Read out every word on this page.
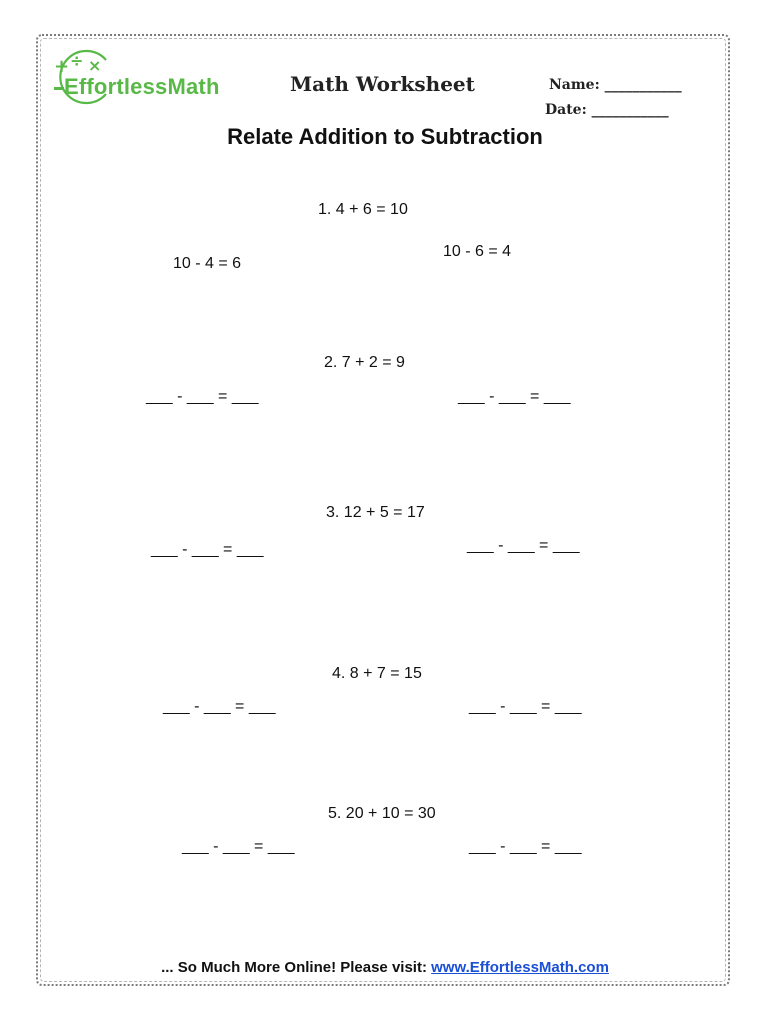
+ ÷ ×
EffortlessMath	Math Worksheet	Name: ___________
Date: ___________
Relate Addition to Subtraction
1. 4 + 6 = 10
10 - 4 = 6
10 - 6 = 4
2. 7 + 2 = 9
___ - ___ = ___	___ - ___ = ___
3. 12 + 5 = 17
___ - ___ = ___	___ - ___ = ___
4. 8 + 7 = 15
___ - ___ = ___	___ - ___ = ___
5. 20 + 10 = 30
___ - ___ = ___	___ - ___ = ___
... So Much More Online! Please visit: www.EffortlessMath.com
